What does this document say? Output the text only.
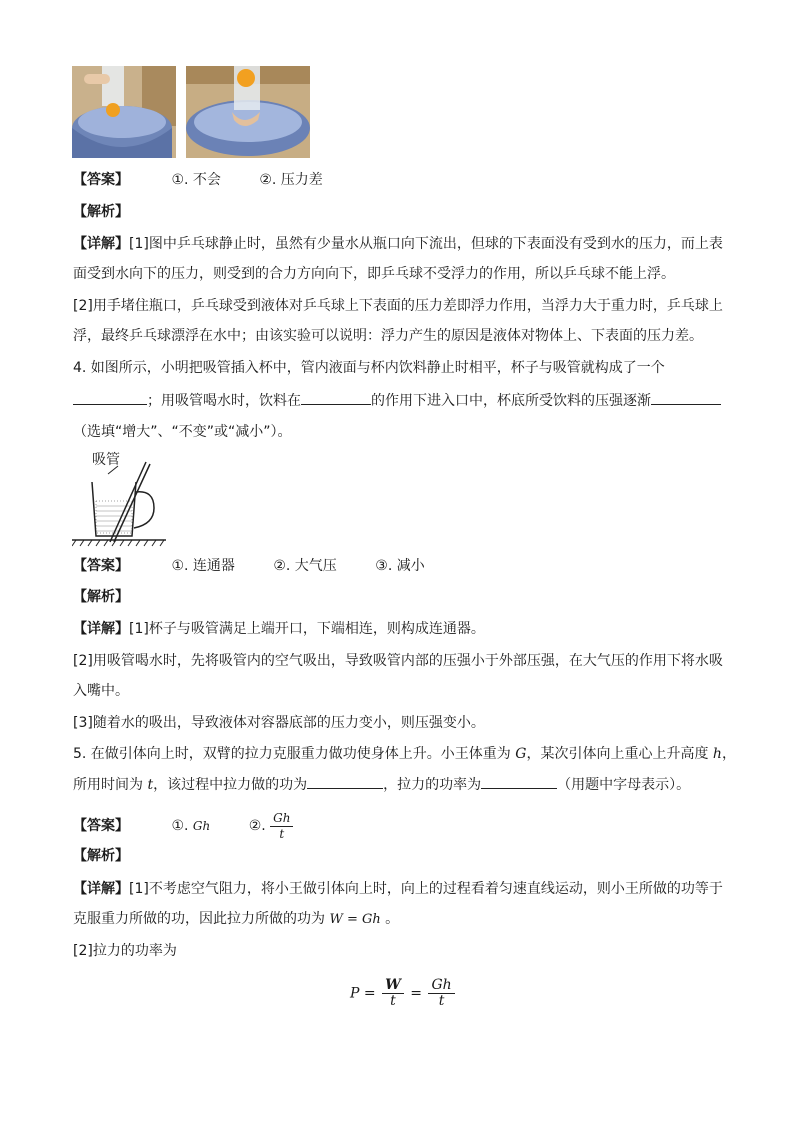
【答案】	①. 不会	②. 压力差
【解析】
【详解】[1]图中乒乓球静止时，虽然有少量水从瓶口向下流出，但球的下表面没有受到水的压力，而上表
面受到水向下的压力，则受到的合力方向向下，即乒乓球不受浮力的作用，所以乒乓球不能上浮。
[2]用手堵住瓶口，乒乓球受到液体对乒乓球上下表面的压力差即浮力作用，当浮力大于重力时，乒乓球上
浮，最终乒乓球漂浮在水中；由该实验可以说明：浮力产生的原因是液体对物体上、下表面的压力差。
4. 如图所示，小明把吸管插入杯中，管内液面与杯内饮料静止时相平，杯子与吸管就构成了一个
；用吸管喝水时，饮料在	的作用下进入口中，杯底所受饮料的压强逐渐
（选填“增大”、“不变”或“减小”）。
吸管
【答案】	①. 连通器	②. 大气压	③. 减小
【解析】
【详解】[1]杯子与吸管满足上端开口，下端相连，则构成连通器。
[2]用吸管喝水时，先将吸管内的空气吸出，导致吸管内部的压强小于外部压强，在大气压的作用下将水吸
入嘴中。
[3]随着水的吸出，导致液体对容器底部的压力变小，则压强变小。
5. 在做引体向上时，双臂的拉力克服重力做功使身体上升。小王体重为 G，某次引体向上重心上升高度 h，
所用时间为 t，该过程中拉力做的功为	，拉力的功率为	（用题中字母表示）。
【答案】	①. Gh	②. $\frac{Gh}{t}$
【解析】
【详解】[1]不考虑空气阻力，将小王做引体向上时，向上的过程看着匀速直线运动，则小王所做的功等于
克服重力所做的功，因此拉力所做的功为 W = Gh 。
[2]拉力的功率为
$P = \frac{W}{t} = \frac{Gh}{t}$
